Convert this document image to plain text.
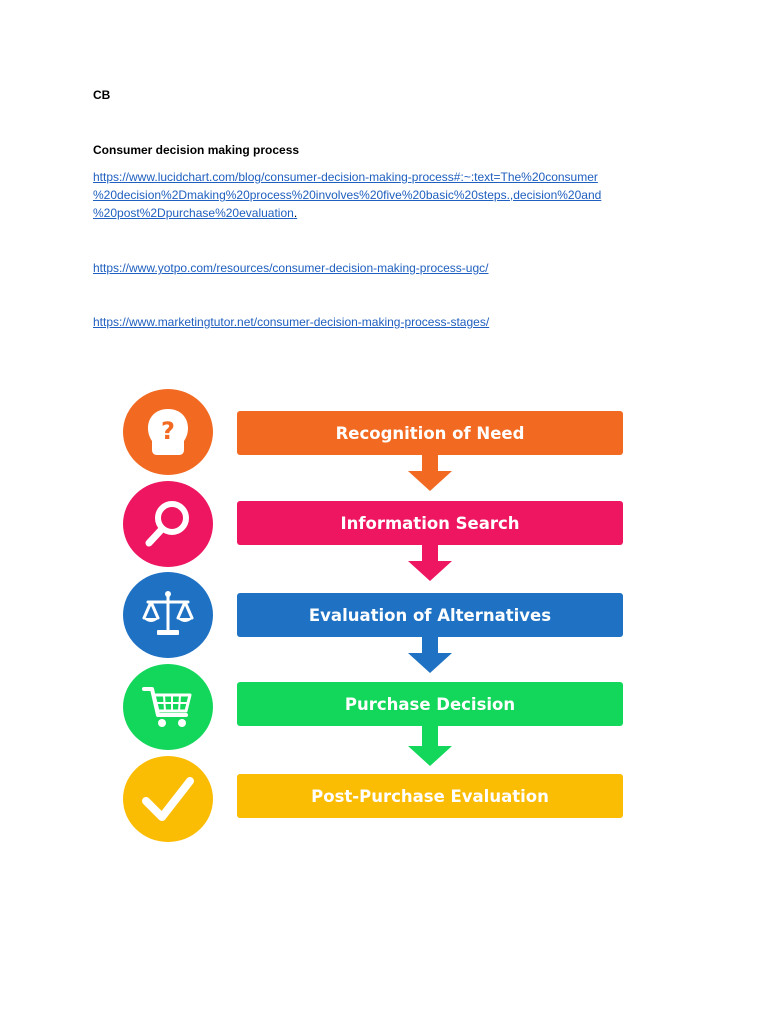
CB
Consumer decision making process
https://www.lucidchart.com/blog/consumer-decision-making-process#:~:text=The%20consumer
%20decision%2Dmaking%20process%20involves%20five%20basic%20steps.,decision%20and
%20post%2Dpurchase%20evaluation.
https://www.yotpo.com/resources/consumer-decision-making-process-ugc/
https://www.marketingtutor.net/consumer-decision-making-process-stages/
?	Recognition of Need
Information Search
Evaluation of Alternatives
Purchase Decision
Post-Purchase Evaluation
